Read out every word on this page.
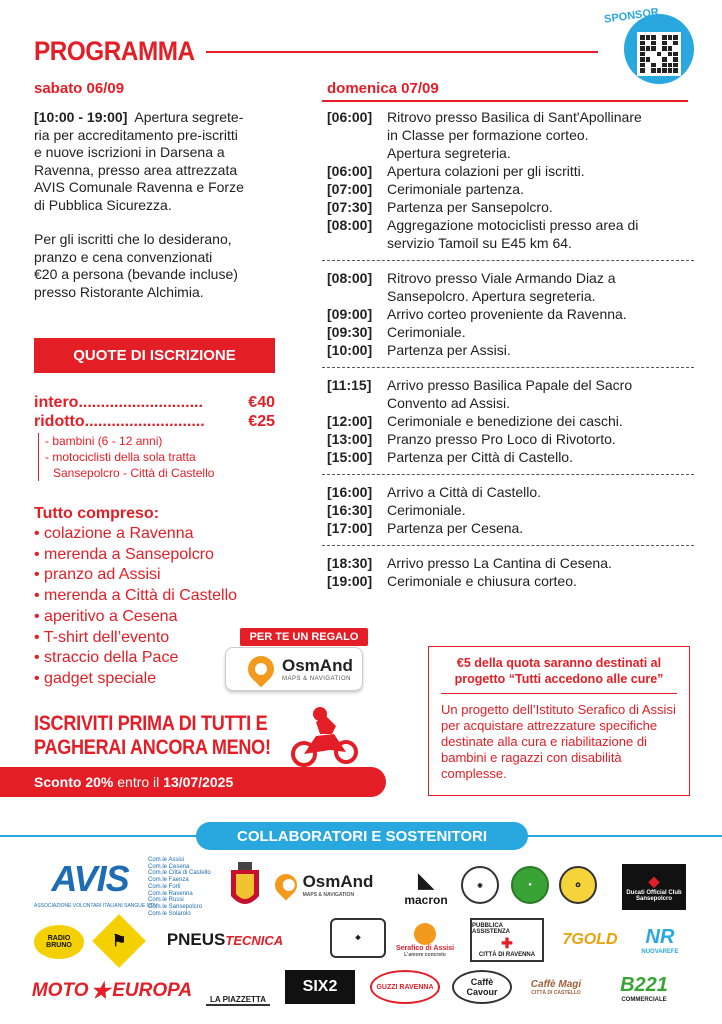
PROGRAMMA
SPONSOR
sabato 06/09
[10:00 - 19:00] Apertura segrete-
ria per accreditamento pre-iscritti
e nuove iscrizioni in Darsena a
Ravenna, presso area attrezzata
AVIS Comunale Ravenna e Forze
di Pubblica Sicurezza.
Per gli iscritti che lo desiderano,
pranzo e cena convenzionati
€20 a persona (bevande incluse)
presso Ristorante Alchimia.
QUOTE DI ISCRIZIONE
intero............................	€40
ridotto...........................	€25
- bambini (6 - 12 anni)
- motociclisti della sola tratta
Sansepolcro - Città di Castello
Tutto compreso:
• colazione a Ravenna
• merenda a Sansepolcro
• pranzo ad Assisi
• merenda a Città di Castello
• aperitivo a Cesena
• T-shirt dell’evento
• straccio della Pace
• gadget speciale
PER TE UN REGALO
OsmAnd
MAPS & NAVIGATION
ISCRIVITI PRIMA DI TUTTI E
PAGHERAI ANCORA MENO!
Sconto 20% entro il 13/07/2025
domenica 07/09
[06:00]	Ritrovo presso Basilica di Sant'Apollinare
in Classe per formazione corteo.
Apertura segreteria.
[06:00]	Apertura colazioni per gli iscritti.
[07:00]	Cerimoniale partenza.
[07:30]	Partenza per Sansepolcro.
[08:00]	Aggregazione motociclisti presso area di
servizio Tamoil su E45 km 64.
[08:00]	Ritrovo presso Viale Armando Diaz a
Sansepolcro. Apertura segreteria.
[09:00]	Arrivo corteo proveniente da Ravenna.
[09:30]	Cerimoniale.
[10:00]	Partenza per Assisi.
[11:15]	Arrivo presso Basilica Papale del Sacro
Convento ad Assisi.
[12:00]	Cerimoniale e benedizione dei caschi.
[13:00]	Pranzo presso Pro Loco di Rivotorto.
[15:00]	Partenza per Città di Castello.
[16:00]	Arrivo a Città di Castello.
[16:30]	Cerimoniale.
[17:00]	Partenza per Cesena.
[18:30]	Arrivo presso La Cantina di Cesena.
[19:00]	Cerimoniale e chiusura corteo.
€5 della quota saranno destinati al progetto “Tutti accedono alle cure”
Un progetto dell’Istituto Serafico di Assisi per acquistare attrezzature specifiche destinate alla cura e riabilitazione di bambini e ragazzi con disabilità complesse.
COLLABORATORI E SOSTENITORI
AVIS
ASSOCIAZIONE VOLONTARI ITALIANI SANGUE ODV
Com.le Assisi
Com.le Cesena
Com.le Città di Castello
Com.le Faenza
Com.le Forlì
Com.le Ravenna
Com.le Russi
Com.le Sansepolcro
Com.le Solarolo
OsmAnd
MAPS & NAVIGATION
◣
macron
◉	●	✪	◆
Ducati Official Club
Sansepolcro
RADIO BRUNO	⚑ PNEUS TECNICA	❖
Serafico di Assisi
L'amore concreto
PUBBLICA ASSISTENZA
✚
CITTÀ DI RAVENNA
7GOLD NR
NUOVAREFE
MOTO ★ EUROPA	LA PIAZZETTA
SIX2	GUZZI RAVENNA	Caffè
Cavour
Caffè Magi
CITTÀ DI CASTELLO B221
COMMERCIALE
